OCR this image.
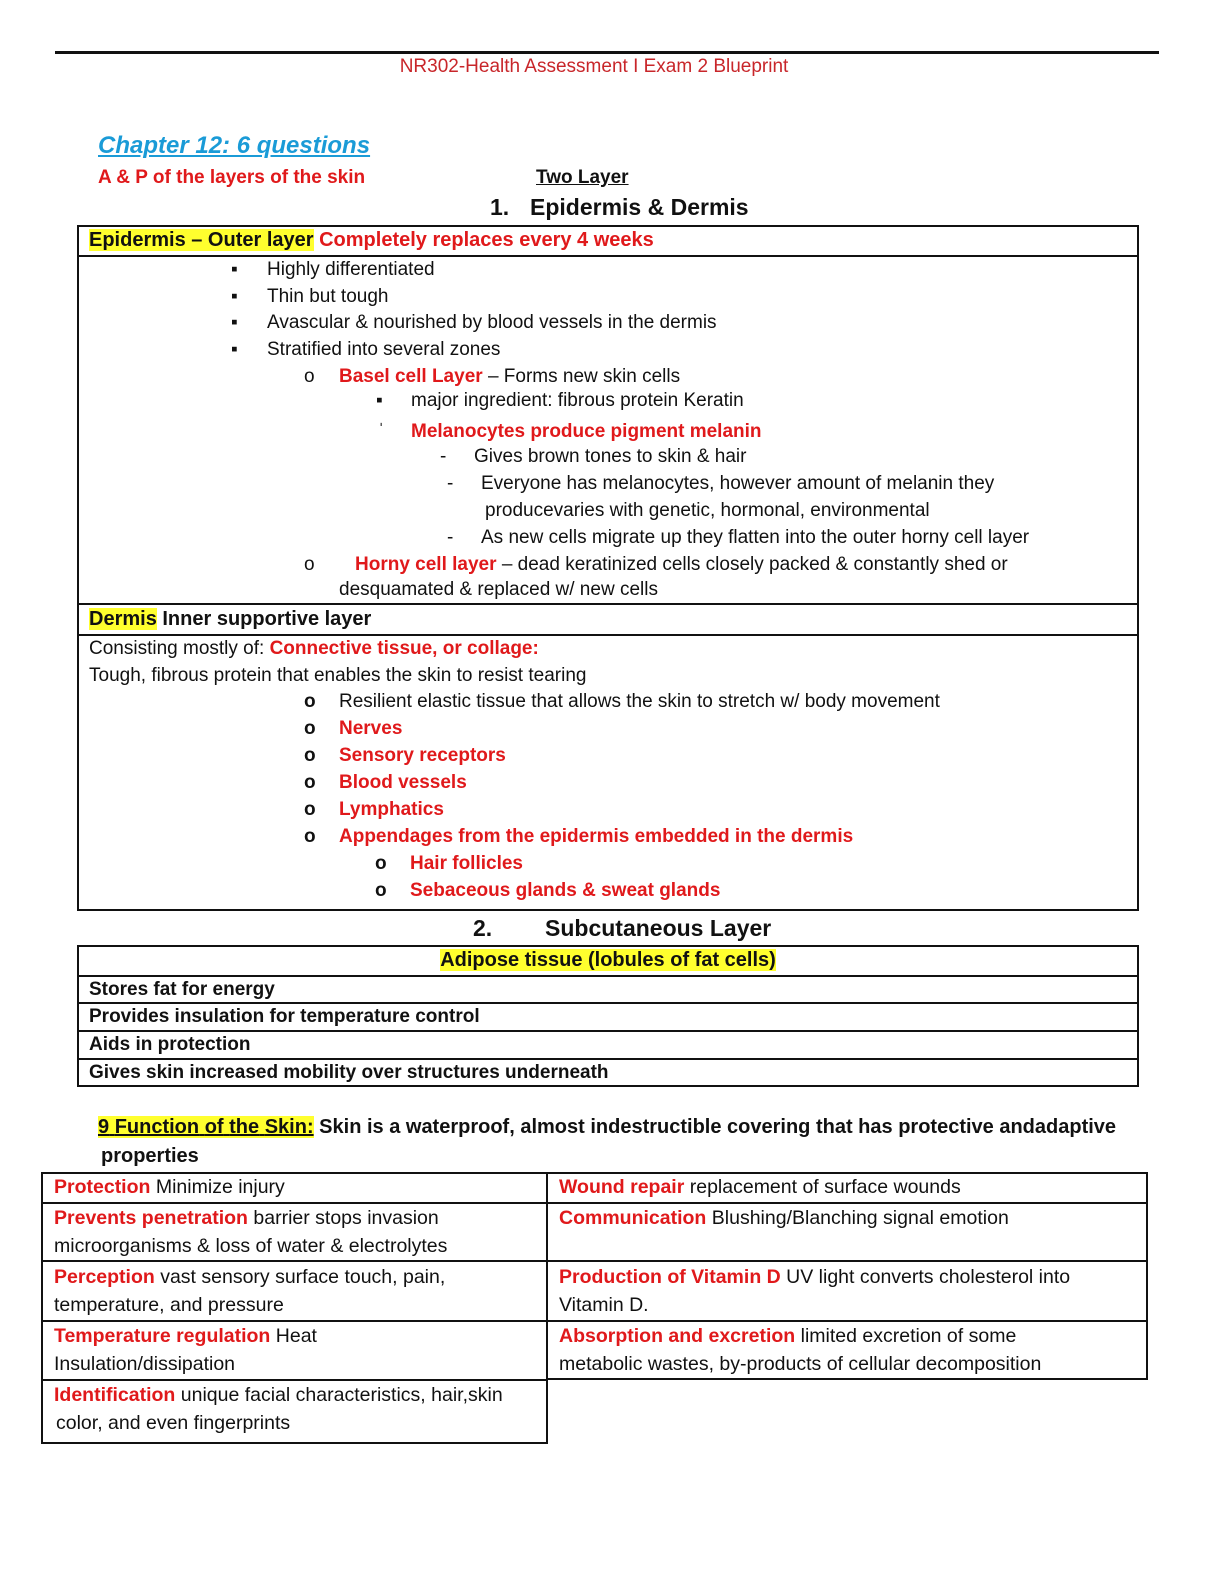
NR302-Health Assessment I Exam 2 Blueprint
Chapter 12: 6 questions
A & P of the layers of the skin	Two Layer
1. Epidermis & Dermis
Epidermis – Outer layer Completely replaces every 4 weeks
▪ Highly differentiated
▪ Thin but tough
▪ Avascular & nourished by blood vessels in the dermis
▪ Stratified into several zones
o Basel cell Layer – Forms new skin cells
▪ major ingredient: fibrous protein Keratin
ˈ Melanocytes produce pigment melanin
- Gives brown tones to skin & hair
- Everyone has melanocytes, however amount of melanin they
producevaries with genetic, hormonal, environmental
- As new cells migrate up they flatten into the outer horny cell layer
o Horny cell layer – dead keratinized cells closely packed & constantly shed or
desquamated & replaced w/ new cells
Dermis Inner supportive layer
Consisting mostly of: Connective tissue, or collage:
Tough, fibrous protein that enables the skin to resist tearing
o Resilient elastic tissue that allows the skin to stretch w/ body movement
o Nerves
o Sensory receptors
o Blood vessels
o Lymphatics
o Appendages from the epidermis embedded in the dermis
o Hair follicles
o Sebaceous glands & sweat glands
2. Subcutaneous Layer
Adipose tissue (lobules of fat cells)
Stores fat for energy
Provides insulation for temperature control
Aids in protection
Gives skin increased mobility over structures underneath
9 Function of the Skin: Skin is a waterproof, almost indestructible covering that has protective andadaptive
properties
Protection Minimize injury
Prevents penetration barrier stops invasion
microorganisms & loss of water & electrolytes
Perception vast sensory surface touch, pain,
temperature, and pressure
Temperature regulation Heat
Insulation/dissipation
Identification unique facial characteristics, hair,skin
color, and even fingerprints
Wound repair replacement of surface wounds
Communication Blushing/Blanching signal emotion
Production of Vitamin D UV light converts cholesterol into
Vitamin D.
Absorption and excretion limited excretion of some
metabolic wastes, by-products of cellular decomposition
